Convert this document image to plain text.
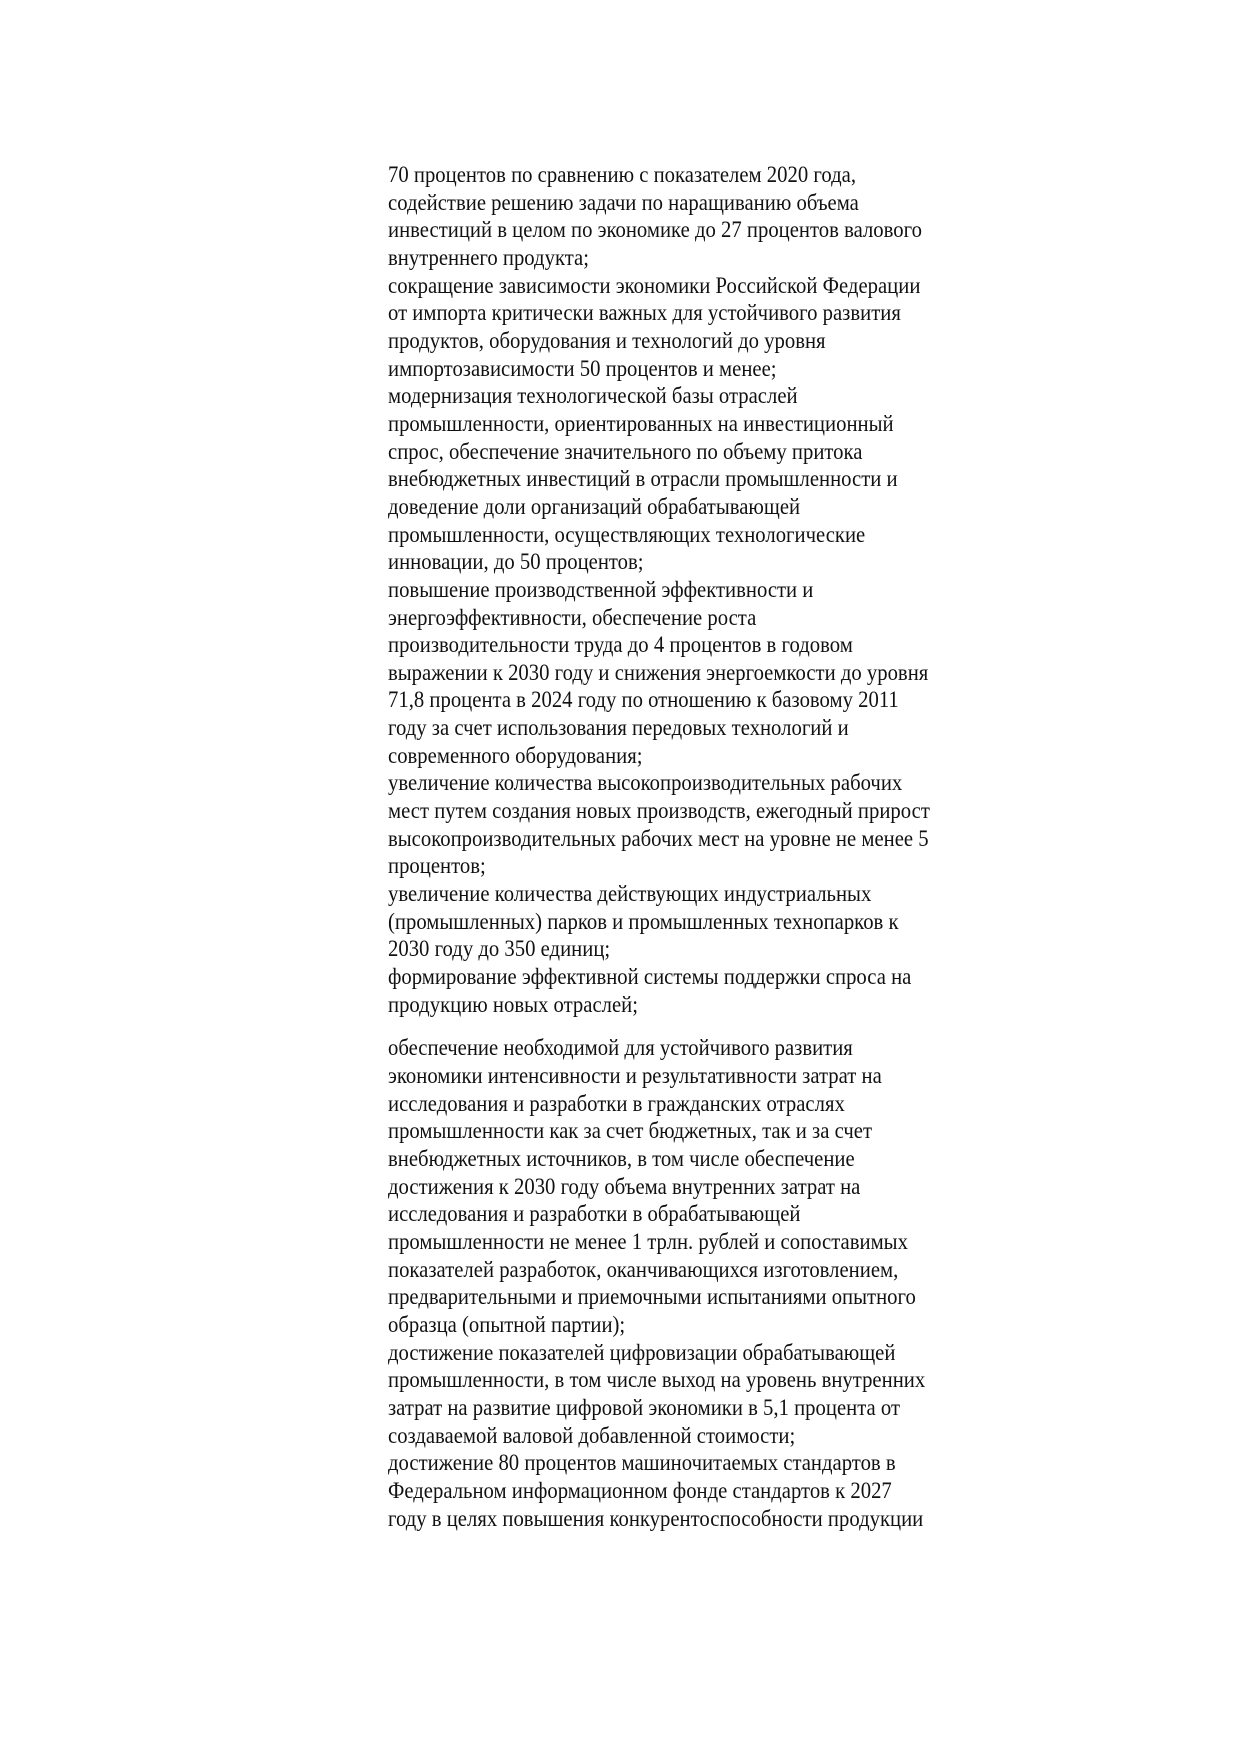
70 процентов по сравнению с показателем 2020 года,
содействие решению задачи по наращиванию объема
инвестиций в целом по экономике до 27 процентов валового
внутреннего продукта;
сокращение зависимости экономики Российской Федерации
от импорта критически важных для устойчивого развития
продуктов, оборудования и технологий до уровня
импортозависимости 50 процентов и менее;
модернизация технологической базы отраслей
промышленности, ориентированных на инвестиционный
спрос, обеспечение значительного по объему притока
внебюджетных инвестиций в отрасли промышленности и
доведение доли организаций обрабатывающей
промышленности, осуществляющих технологические
инновации, до 50 процентов;
повышение производственной эффективности и
энергоэффективности, обеспечение роста
производительности труда до 4 процентов в годовом
выражении к 2030 году и снижения энергоемкости до уровня
71,8 процента в 2024 году по отношению к базовому 2011
году за счет использования передовых технологий и
современного оборудования;
увеличение количества высокопроизводительных рабочих
мест путем создания новых производств, ежегодный прирост
высокопроизводительных рабочих мест на уровне не менее 5
процентов;
увеличение количества действующих индустриальных
(промышленных) парков и промышленных технопарков к
2030 году до 350 единиц;
формирование эффективной системы поддержки спроса на
продукцию новых отраслей;
обеспечение необходимой для устойчивого развития
экономики интенсивности и результативности затрат на
исследования и разработки в гражданских отраслях
промышленности как за счет бюджетных, так и за счет
внебюджетных источников, в том числе обеспечение
достижения к 2030 году объема внутренних затрат на
исследования и разработки в обрабатывающей
промышленности не менее 1 трлн. рублей и сопоставимых
показателей разработок, оканчивающихся изготовлением,
предварительными и приемочными испытаниями опытного
образца (опытной партии);
достижение показателей цифровизации обрабатывающей
промышленности, в том числе выход на уровень внутренних
затрат на развитие цифровой экономики в 5,1 процента от
создаваемой валовой добавленной стоимости;
достижение 80 процентов машиночитаемых стандартов в
Федеральном информационном фонде стандартов к 2027
году в целях повышения конкурентоспособности продукции
